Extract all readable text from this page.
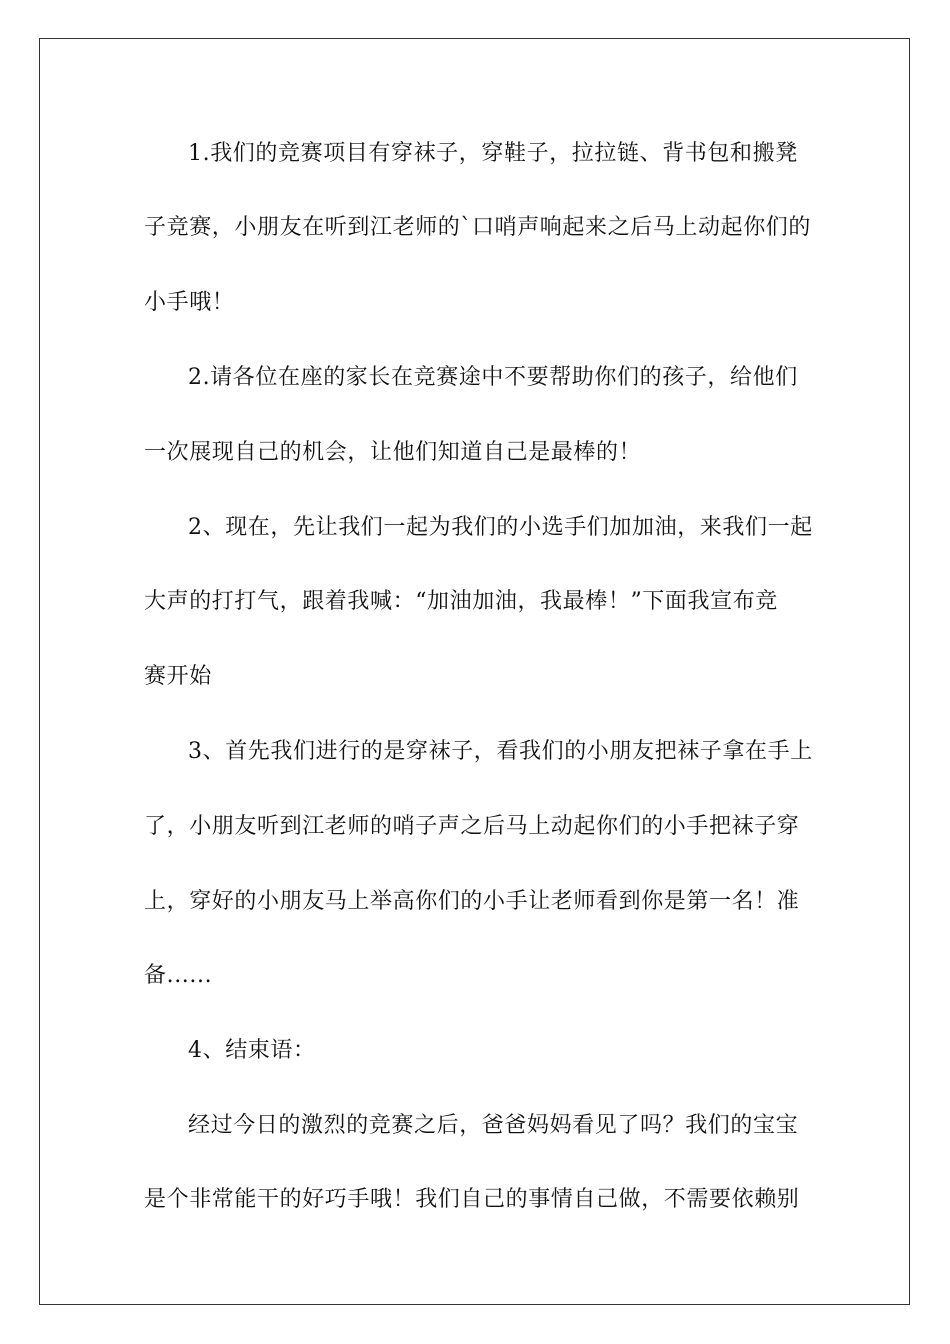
1.我们的竞赛项目有穿袜子，穿鞋子，拉拉链、背书包和搬凳
子竞赛，小朋友在听到江老师的`口哨声响起来之后马上动起你们的
小手哦！
2.请各位在座的家长在竞赛途中不要帮助你们的孩子，给他们
一次展现自己的机会，让他们知道自己是最棒的！
2、现在，先让我们一起为我们的小选手们加加油，来我们一起
大声的打打气，跟着我喊：“加油加油，我最棒！”下面我宣布竞
赛开始
3、首先我们进行的是穿袜子，看我们的小朋友把袜子拿在手上
了，小朋友听到江老师的哨子声之后马上动起你们的小手把袜子穿
上，穿好的小朋友马上举高你们的小手让老师看到你是第一名！准
备......
4、结束语：
经过今日的激烈的竞赛之后，爸爸妈妈看见了吗？我们的宝宝
是个非常能干的好巧手哦！我们自己的事情自己做，不需要依赖别
